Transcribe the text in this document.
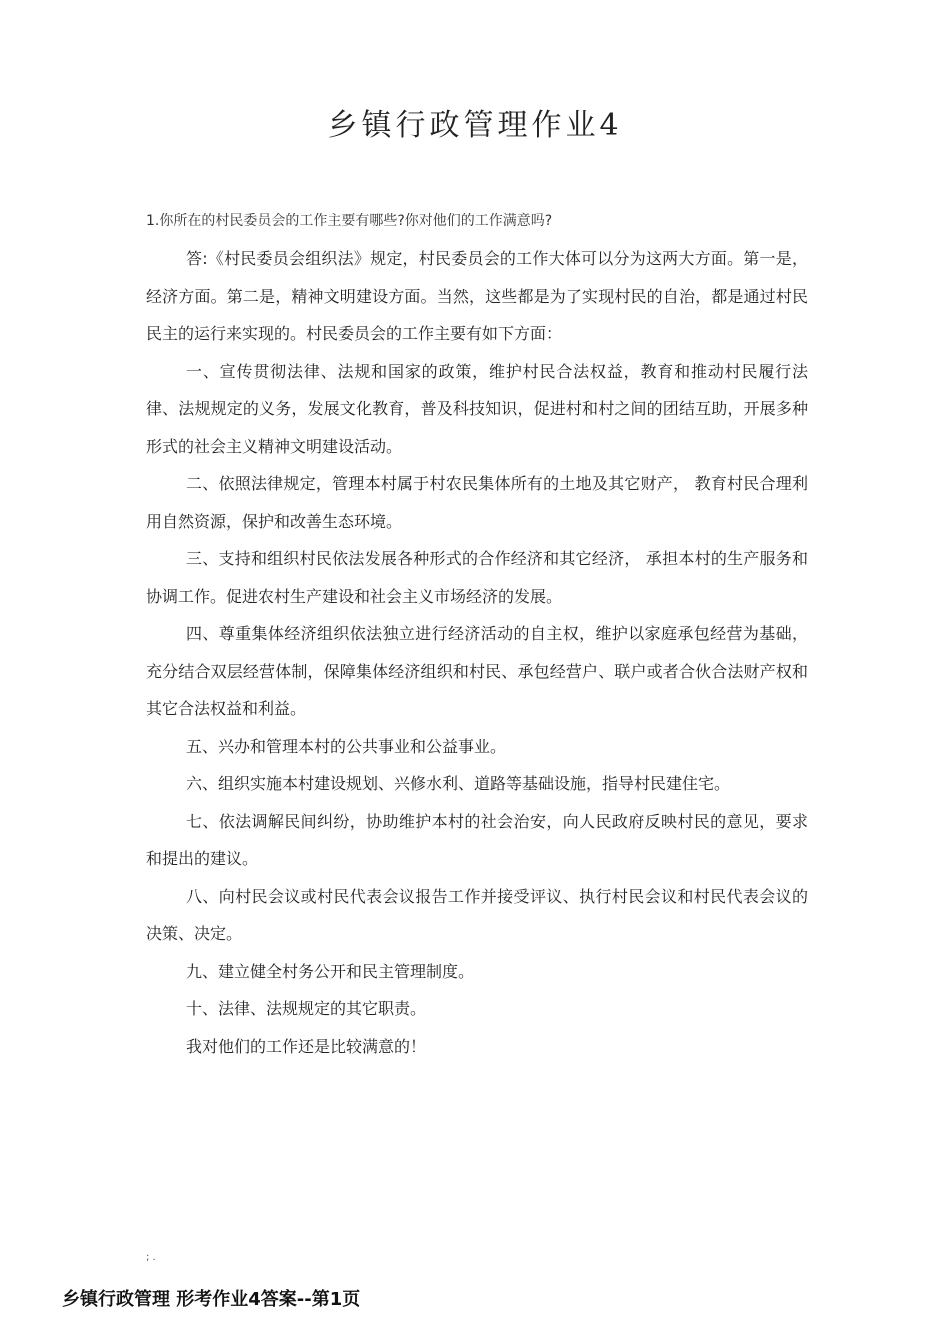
乡镇行政管理作业4
1.你所在的村民委员会的工作主要有哪些?你对他们的工作满意吗?

答:《村民委员会组织法》规定，村民委员会的工作大体可以分为这两大方面。第一是，经济方面。第二是，精神文明建设方面。当然，这些都是为了实现村民的自治，都是通过村民民主的运行来实现的。村民委员会的工作主要有如下方面：

一、宣传贯彻法律、法规和国家的政策，维护村民合法权益，教育和推动村民履行法律、法规规定的义务，发展文化教育，普及科技知识，促进村和村之间的团结互助，开展多种形式的社会主义精神文明建设活动。

二、依照法律规定，管理本村属于村农民集体所有的土地及其它财产， 教育村民合理利用自然资源，保护和改善生态环境。

三、支持和组织村民依法发展各种形式的合作经济和其它经济， 承担本村的生产服务和协调工作。促进农村生产建设和社会主义市场经济的发展。

四、尊重集体经济组织依法独立进行经济活动的自主权，维护以家庭承包经营为基础， 充分结合双层经营体制，保障集体经济组织和村民、承包经营户、联户或者合伙合法财产权和其它合法权益和利益。

五、兴办和管理本村的公共事业和公益事业。

六、组织实施本村建设规划、兴修水利、道路等基础设施，指导村民建住宅。

七、依法调解民间纠纷，协助维护本村的社会治安，向人民政府反映村民的意见，要求和提出的建议。

八、向村民会议或村民代表会议报告工作并接受评议、执行村民会议和村民代表会议的决策、决定。

九、建立健全村务公开和民主管理制度。

十、法律、法规规定的其它职责。

我对他们的工作还是比较满意的！

; .
乡镇行政管理 形考作业4答案--第1页
